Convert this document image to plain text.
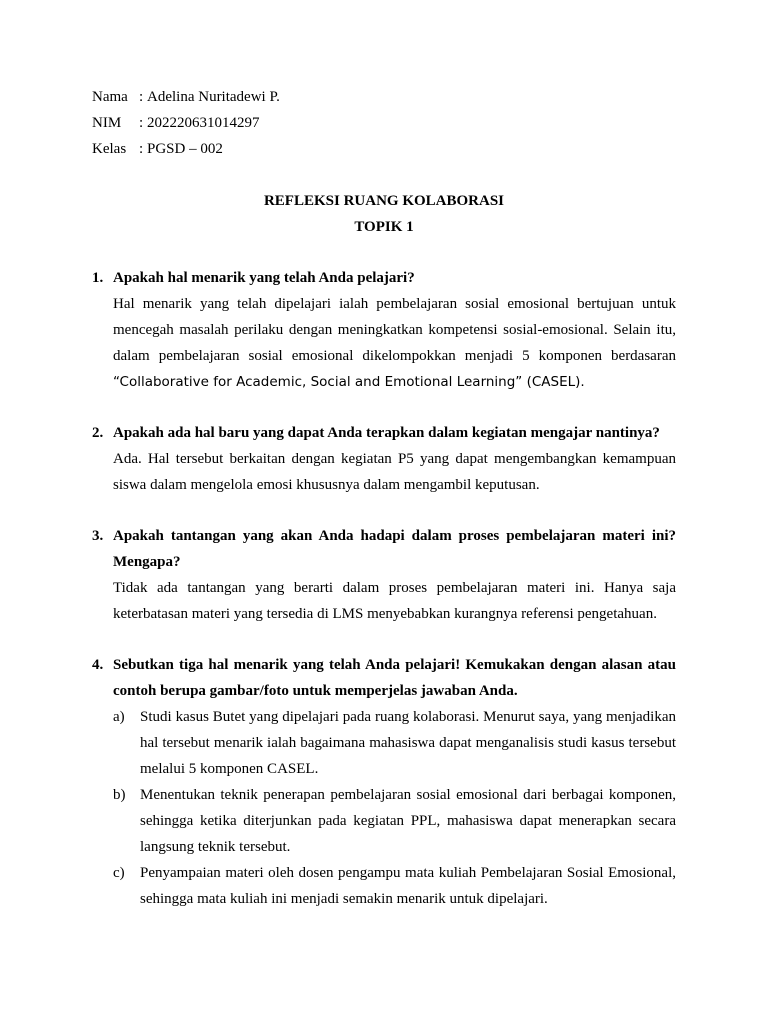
Nama : Adelina Nuritadewi P.
NIM	: 202220631014297
Kelas : PGSD – 002
REFLEKSI RUANG KOLABORASI
TOPIK 1
1. Apakah hal menarik yang telah Anda pelajari?
Hal menarik yang telah dipelajari ialah pembelajaran sosial emosional bertujuan untuk mencegah masalah perilaku dengan meningkatkan kompetensi sosial-emosional. Selain itu, dalam pembelajaran sosial emosional dikelompokkan menjadi 5 komponen berdasaran “Collaborative for Academic, Social and Emotional Learning” (CASEL).
2. Apakah ada hal baru yang dapat Anda terapkan dalam kegiatan mengajar nantinya?
Ada. Hal tersebut berkaitan dengan kegiatan P5 yang dapat mengembangkan kemampuan siswa dalam mengelola emosi khususnya dalam mengambil keputusan.
3. Apakah tantangan yang akan Anda hadapi dalam proses pembelajaran materi ini? Mengapa?
Tidak ada tantangan yang berarti dalam proses pembelajaran materi ini. Hanya saja keterbatasan materi yang tersedia di LMS menyebabkan kurangnya referensi pengetahuan.
4. Sebutkan tiga hal menarik yang telah Anda pelajari! Kemukakan dengan alasan atau contoh berupa gambar/foto untuk memperjelas jawaban Anda.
a)	Studi kasus Butet yang dipelajari pada ruang kolaborasi. Menurut saya, yang menjadikan hal tersebut menarik ialah bagaimana mahasiswa dapat menganalisis studi kasus tersebut melalui 5 komponen CASEL.
b) Menentukan teknik penerapan pembelajaran sosial emosional dari berbagai komponen, sehingga ketika diterjunkan pada kegiatan PPL, mahasiswa dapat menerapkan secara langsung teknik tersebut.
c)	Penyampaian materi oleh dosen pengampu mata kuliah Pembelajaran Sosial Emosional, sehingga mata kuliah ini menjadi semakin menarik untuk dipelajari.
